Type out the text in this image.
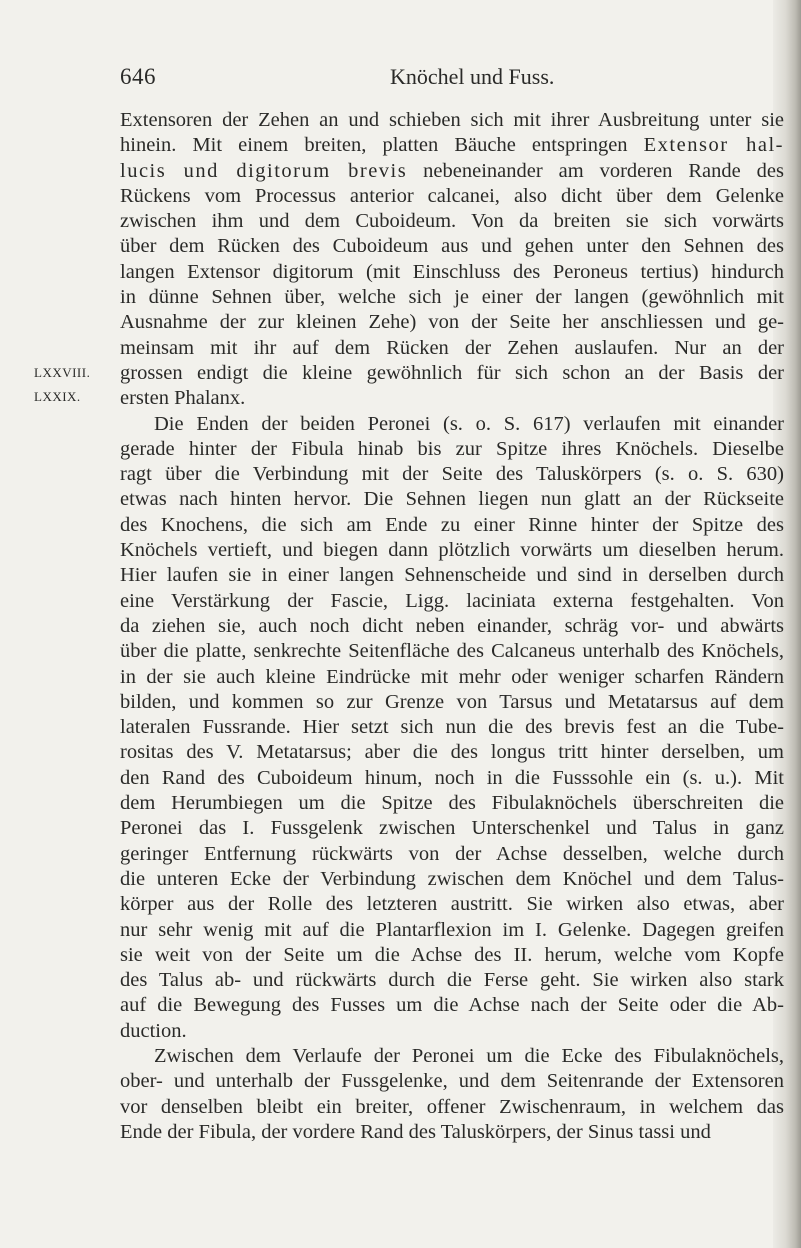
646	Knöchel und Fuss.
LXXVIII.
LXXIX.
Extensoren der Zehen an und schieben sich mit ihrer Ausbreitung unter sie
hinein. Mit einem breiten, platten Bäuche entspringen Extensor hal-
lucis und digitorum brevis nebeneinander am vorderen Rande des
Rückens vom Processus anterior calcanei, also dicht über dem Gelenke
zwischen ihm und dem Cuboideum. Von da breiten sie sich vorwärts
über dem Rücken des Cuboideum aus und gehen unter den Sehnen des
langen Extensor digitorum (mit Einschluss des Peroneus tertius) hindurch
in dünne Sehnen über, welche sich je einer der langen (gewöhnlich mit
Ausnahme der zur kleinen Zehe) von der Seite her anschliessen und ge-
meinsam mit ihr auf dem Rücken der Zehen auslaufen. Nur an der
grossen endigt die kleine gewöhnlich für sich schon an der Basis der
ersten Phalanx.
Die Enden der beiden Peronei (s. o. S. 617) verlaufen mit einander
gerade hinter der Fibula hinab bis zur Spitze ihres Knöchels. Dieselbe
ragt über die Verbindung mit der Seite des Taluskörpers (s. o. S. 630)
etwas nach hinten hervor. Die Sehnen liegen nun glatt an der Rückseite
des Knochens, die sich am Ende zu einer Rinne hinter der Spitze des
Knöchels vertieft, und biegen dann plötzlich vorwärts um dieselben herum.
Hier laufen sie in einer langen Sehnenscheide und sind in derselben durch
eine Verstärkung der Fascie, Ligg. laciniata externa festgehalten. Von
da ziehen sie, auch noch dicht neben einander, schräg vor- und abwärts
über die platte, senkrechte Seitenfläche des Calcaneus unterhalb des Knöchels,
in der sie auch kleine Eindrücke mit mehr oder weniger scharfen Rändern
bilden, und kommen so zur Grenze von Tarsus und Metatarsus auf dem
lateralen Fussrande. Hier setzt sich nun die des brevis fest an die Tube-
rositas des V. Metatarsus; aber die des longus tritt hinter derselben, um
den Rand des Cuboideum hinum, noch in die Fusssohle ein (s. u.). Mit
dem Herumbiegen um die Spitze des Fibulaknöchels überschreiten die
Peronei das I. Fussgelenk zwischen Unterschenkel und Talus in ganz
geringer Entfernung rückwärts von der Achse desselben, welche durch
die unteren Ecke der Verbindung zwischen dem Knöchel und dem Talus-
körper aus der Rolle des letzteren austritt. Sie wirken also etwas, aber
nur sehr wenig mit auf die Plantarflexion im I. Gelenke. Dagegen greifen
sie weit von der Seite um die Achse des II. herum, welche vom Kopfe
des Talus ab- und rückwärts durch die Ferse geht. Sie wirken also stark
auf die Bewegung des Fusses um die Achse nach der Seite oder die Ab-
duction.
Zwischen dem Verlaufe der Peronei um die Ecke des Fibulaknöchels,
ober- und unterhalb der Fussgelenke, und dem Seitenrande der Extensoren
vor denselben bleibt ein breiter, offener Zwischenraum, in welchem das
Ende der Fibula, der vordere Rand des Taluskörpers, der Sinus tassi und
